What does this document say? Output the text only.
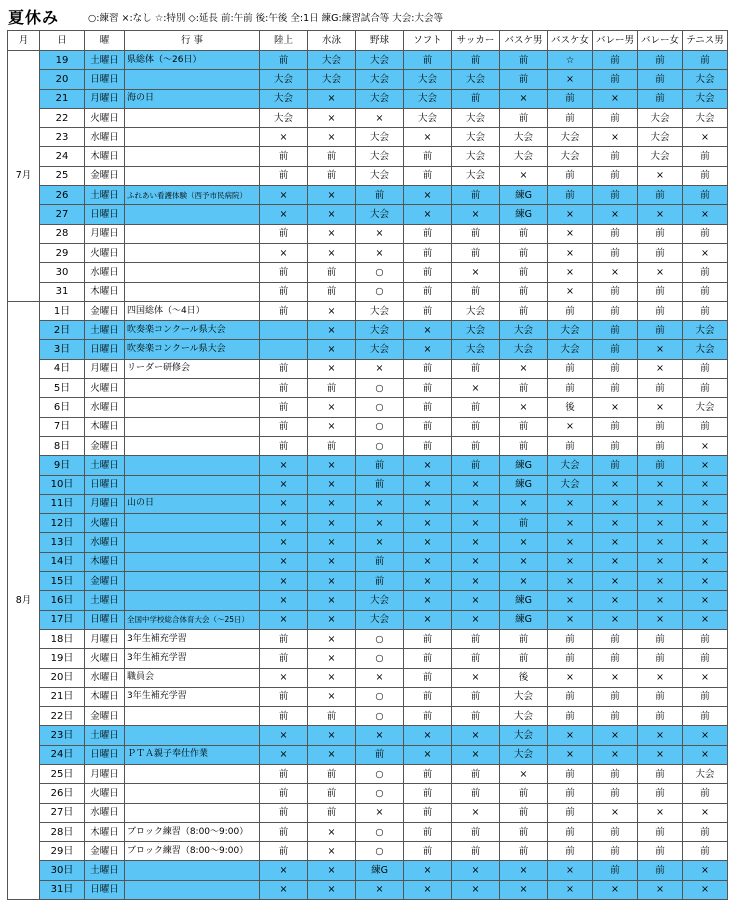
夏休み	○:練習 ×:なし ☆:特別 ◇:延長 前:午前 後:午後 全:1日 練G:練習試合等 大会:大会等
月	日	曜	行 事	陸上	水泳	野球	ソフト	サッカー	バスケ男	バスケ女	バレー男	バレー女	テニス男
7月	19	土曜日	県総体（～26日）	前	大会	大会	前	前	前	☆	前	前	前
	20	日曜日		大会	大会	大会	大会	大会	前	×	前	前	大会
	21	月曜日	海の日	大会	×	大会	大会	前	×	前	×	前	大会
	22	火曜日		大会	×	×	大会	大会	前	前	前	大会	大会
	23	水曜日		×	×	大会	×	大会	大会	大会	×	大会	×
	24	木曜日		前	前	大会	前	大会	大会	大会	前	大会	前
	25	金曜日		前	前	大会	前	大会	×	前	前	×	前
	26	土曜日	ふれあい看護体験（西予市民病院）	×	×	前	×	前	練G	前	前	前	前
	27	日曜日		×	×	大会	×	×	練G	×	×	×	×
	28	月曜日		前	×	×	前	前	前	×	前	前	前
	29	火曜日		×	×	×	前	前	前	×	前	前	×
	30	水曜日		前	前	○	前	×	前	×	×	×	前
	31	木曜日		前	前	○	前	前	前	×	前	前	前
8月	1日	金曜日	四国総体（～4日）	前	×	大会	前	大会	前	前	前	前	前
	2日	土曜日	吹奏楽コンクール県大会		×	大会	×	大会	大会	大会	前	前	大会
	3日	日曜日	吹奏楽コンクール県大会		×	大会	×	大会	大会	大会	前	×	大会
	4日	月曜日	リーダー研修会	前	×	×	前	前	×	前	前	×	前
	5日	火曜日		前	前	○	前	×	前	前	前	前	前
	6日	水曜日		前	×	○	前	前	×	後	×	×	大会
	7日	木曜日		前	×	○	前	前	前	×	前	前	前
	8日	金曜日		前	前	○	前	前	前	前	前	前	×
	9日	土曜日		×	×	前	×	前	練G	大会	前	前	×
	10日	日曜日		×	×	前	×	×	練G	大会	×	×	×
	11日	月曜日	山の日	×	×	×	×	×	×	×	×	×	×
	12日	火曜日		×	×	×	×	×	前	×	×	×	×
	13日	水曜日		×	×	×	×	×	×	×	×	×	×
	14日	木曜日		×	×	前	×	×	×	×	×	×	×
	15日	金曜日		×	×	前	×	×	×	×	×	×	×
	16日	土曜日		×	×	大会	×	×	練G	×	×	×	×
	17日	日曜日	全国中学校総合体育大会（～25日）	×	×	大会	×	×	練G	×	×	×	×
	18日	月曜日	3年生補充学習	前	×	○	前	前	前	前	前	前	前
	19日	火曜日	3年生補充学習	前	×	○	前	前	前	前	前	前	前
	20日	水曜日	職員会	×	×	×	前	×	後	×	×	×	×
	21日	木曜日	3年生補充学習	前	×	○	前	前	大会	前	前	前	前
	22日	金曜日		前	前	○	前	前	大会	前	前	前	前
	23日	土曜日		×	×	×	×	×	大会	×	×	×	×
	24日	日曜日	ＰＴＡ親子奉仕作業	×	×	前	×	×	大会	×	×	×	×
	25日	月曜日		前	前	○	前	前	×	前	前	前	大会
	26日	火曜日		前	前	○	前	前	前	前	前	前	前
	27日	水曜日		前	前	×	前	×	前	前	×	×	×
	28日	木曜日	ブロック練習（8:00～9:00）	前	×	○	前	前	前	前	前	前	前
	29日	金曜日	ブロック練習（8:00～9:00）	前	×	○	前	前	前	前	前	前	前
	30日	土曜日		×	×	練G	×	×	×	×	前	前	×
	31日	日曜日		×	×	×	×	×	×	×	×	×	×
